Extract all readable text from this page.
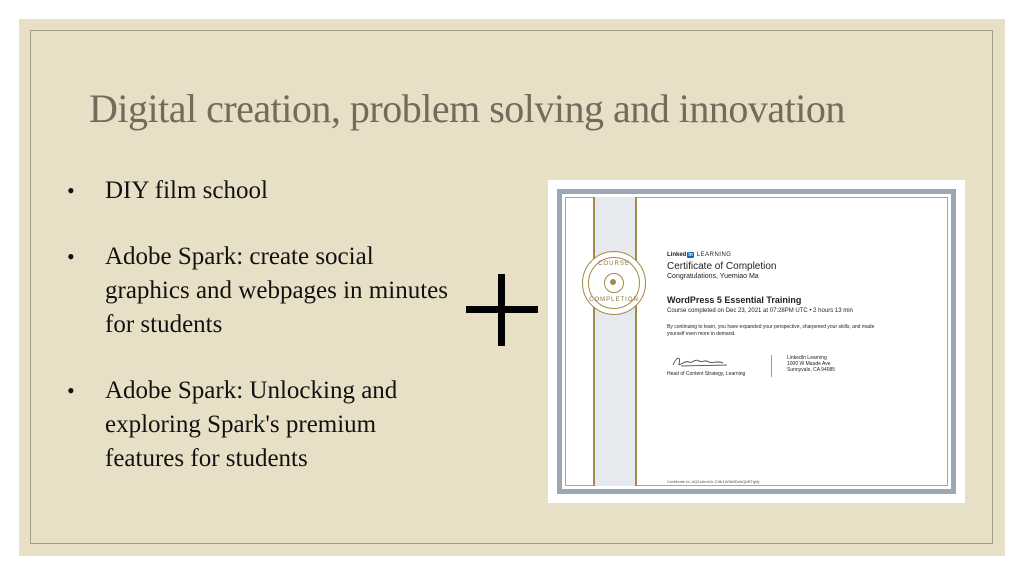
Digital creation, problem solving and innovation
• DIY film school
• Adobe Spark: create social graphics and webpages in minutes for students
• Adobe Spark: Unlocking and exploring Spark's premium features for students
COURSE
COMPLETION
Linked in LEARNING
Certificate of Completion
Congratulations, Yuemiao Ma
WordPress 5 Essential Training
Course completed on Dec 23, 2021 at 07:28PM UTC • 2 hours 13 min
By continuing to learn, you have expanded your perspective, sharpened your skills, and made yourself even more in demand.
Head of Content Strategy, Learning
LinkedIn Learning
1000 W Maude Ave
Sunnyvale, CA 94085
Certificate Id: AQ2xArm1h-ZJ8r1WNkfDsNQbRTgMj
